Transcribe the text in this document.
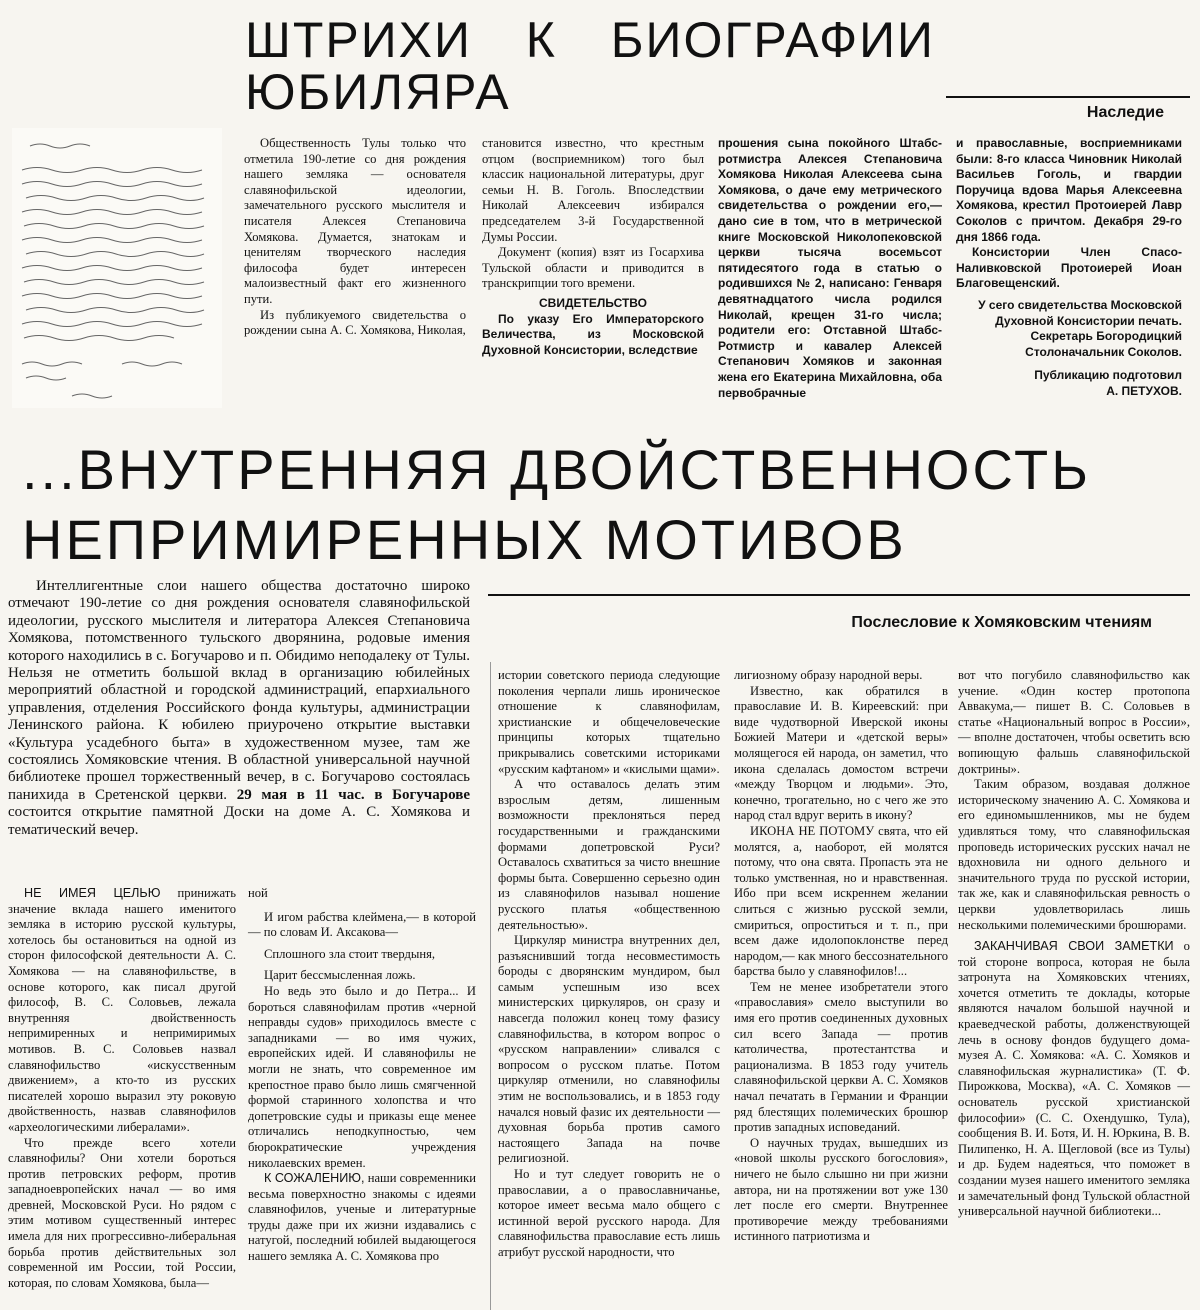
ШТРИХИ К БИОГРАФИИ
ЮБИЛЯРА	Наследие

Общественность Тулы только что отметила 190-летие со дня рождения нашего земляка — основателя славянофильской идеологии, замечательного русского мыслителя и писателя Алексея Степановича Хомякова. Думается, знатокам и ценителям творческого наследия философа будет интересен малоизвестный факт его жизненного пути.

Из публикуемого свидетельства о рождении сына А. С. Хомякова, Николая,

становится известно, что крестным отцом (восприемником) того был классик национальной литературы, друг семьи Н. В. Гоголь. Впоследствии Николай Алексеевич избирался председателем 3-й Государственной Думы России.

Документ (копия) взят из Госархива Тульской области и приводится в транскрипции того времени.

СВИДЕТЕЛЬСТВО

По указу Его Императорского Величества, из Московской Духовной Консистории, вследствие

прошения сына покойного Штабс-ротмистра Алексея Степановича Хомякова Николая Алексеева сына Хомякова, о даче ему метрического свидетельства о рождении его,— дано сие в том, что в метрической книге Московской Николопековской церкви тысяча восемьсот пятидесятого года в статью о родившихся № 2, написано: Генваря девятнадцатого числа родился Николай, крещен 31-го числа; родители его: Отставной Штабс-Ротмистр и кавалер Алексей Степанович Хомяков и законная жена его Екатерина Михайловна, оба первобрачные

и православные, восприемниками были: 8-го класса Чиновник Николай Васильев Гоголь, и гвардии Поручица вдова Марья Алексеевна Хомякова, крестил Протоиерей Лавр Соколов с причтом. Декабря 29-го дня 1866 года.

Консистории Член Спасо-Наливковской Протоиерей Иоан Благовещенский.

У сего свидетельства Московской Духовной Консистории печать.
Секретарь Богородицкий Столоначальник Соколов.
Публикацию подготовил
А. ПЕТУХОВ.
...ВНУТРЕННЯЯ ДВОЙСТВЕННОСТЬ
НЕПРИМИРЕННЫХ МОТИВОВ
Послесловие к Хомяковским чтениям

Интеллигентные слои нашего общества достаточно широко отмечают 190-летие со дня рождения основателя славянофильской идеологии, русского мыслителя и литератора Алексея Степановича Хомякова, потомственного тульского дворянина, родовые имения которого находились в с. Богучарово и п. Обидимо неподалеку от Тулы. Нельзя не отметить большой вклад в организацию юбилейных мероприятий областной и городской администраций, епархиального управления, отделения Российского фонда культуры, администрации Ленинского района. К юбилею приурочено открытие выставки «Культура усадебного быта» в художественном музее, там же состоялись Хомяковские чтения. В областной универсальной научной библиотеке прошел торжественный вечер, в с. Богучарово состоялась панихида в Сретенской церкви. 29 мая в 11 час. в Богучарове состоится открытие памятной Доски на доме А. С. Хомякова и тематический вечер.

НЕ ИМЕЯ ЦЕЛЬЮ принижать значение вклада нашего именитого земляка в историю русской культуры, хотелось бы остановиться на одной из сторон философской деятельности А. С. Хомякова — на славянофильстве, в основе которого, как писал другой философ, В. С. Соловьев, лежала внутренняя двойственность непримиренных и непримиримых мотивов. В. С. Соловьев назвал славянофильство «искусственным движением», а кто-то из русских писателей хорошо выразил эту роковую двойственность, назвав славянофилов «археологическими либералами».

Что прежде всего хотели славянофилы? Они хотели бороться против петровских реформ, против западноевропейских начал — во имя древней, Московской Руси. Но рядом с этим мотивом существенный интерес имела для них прогрессивно-либеральная борьба против действительных зол современной им России, той России, которая, по словам Хомякова, была—

ной

И игом рабства клеймена,— в которой — по словам И. Аксакова—

Сплошного зла стоит твердыня,

Царит бессмысленная ложь.

Но ведь это было и до Петра... И бороться славянофилам против «черной неправды судов» приходилось вместе с западниками — во имя чужих, европейских идей. И славянофилы не могли не знать, что современное им крепостное право было лишь смягченной формой старинного холопства и что допетровские суды и приказы еще менее отличались неподкупностью, чем бюрократические учреждения николаевских времен.

К СОЖАЛЕНИЮ, наши современники весьма поверхностно знакомы с идеями славянофилов, ученые и литературные труды даже при их жизни издавались с натугой, последний юбилей выдающегося нашего земляка А. С. Хомякова про

истории советского периода следующие поколения черпали лишь ироническое отношение к славянофилам, христианские и общечеловеческие принципы которых тщательно прикрывались советскими историками «русским кафтаном» и «кислыми щами».

А что оставалось делать этим взрослым детям, лишенным возможности преклоняться перед государственными и гражданскими формами допетровской Руси? Оставалось схватиться за чисто внешние формы быта. Совершенно серьезно один из славянофилов называл ношение русского платья «общественною деятельностью».

Циркуляр министра внутренних дел, разъяснивший тогда несовместимость бороды с дворянским мундиром, был самым успешным изо всех министерских циркуляров, он сразу и навсегда положил конец тому фазису славянофильства, в котором вопрос о «русском направлении» сливался с вопросом о русском платье. Потом циркуляр отменили, но славянофилы этим не воспользовались, и в 1853 году начался новый фазис их деятельности — духовная борьба против самого настоящего Запада на почве религиозной.

Но и тут следует говорить не о православии, а о православничанье, которое имеет весьма мало общего с истинной верой русского народа. Для славянофильства православие есть лишь атрибут русской народности, что

лигиозному образу народной веры.

Известно, как обратился в православие И. В. Киреевский: при виде чудотворной Иверской иконы Божией Матери и «детской веры» молящегося ей народа, он заметил, что икона сделалась домостом встречи «между Творцом и людьми». Это, конечно, трогательно, но с чего же это народ стал вдруг верить в икону?

ИКОНА НЕ ПОТОМУ свята, что ей молятся, а, наоборот, ей молятся потому, что она свята. Пропасть эта не только умственная, но и нравственная. Ибо при всем искреннем желании слиться с жизнью русской земли, смириться, опроститься и т. п., при всем даже идолопоклонстве перед народом,— как много бессознательного барства было у славянофилов!...

Тем не менее изобретатели этого «православия» смело выступили во имя его против соединенных духовных сил всего Запада — против католичества, протестантства и рационализма. В 1853 году учитель славянофильской церкви А. С. Хомяков начал печатать в Германии и Франции ряд блестящих полемических брошюр против западных исповеданий.

О научных трудах, вышедших из «новой школы русского богословия», ничего не было слышно ни при жизни автора, ни на протяжении вот уже 130 лет после его смерти. Внутреннее противоречие между требованиями истинного патриотизма и

вот что погубило славянофильство как учение. «Один костер протопопа Аввакума,— пишет В. С. Соловьев в статье «Национальный вопрос в России»,— вполне достаточен, чтобы осветить всю вопиющую фальшь славянофильской доктрины».

Таким образом, воздавая должное историческому значению А. С. Хомякова и его единомышленников, мы не будем удивляться тому, что славянофильская проповедь исторических русских начал не вдохновила ни одного дельного и значительного труда по русской истории, так же, как и славянофильская ревность о церкви удовлетворилась лишь несколькими полемическими брошюрами.

ЗАКАНЧИВАЯ СВОИ ЗАМЕТКИ о той стороне вопроса, которая не была затронута на Хомяковских чтениях, хочется отметить те доклады, которые являются началом большой научной и краеведческой работы, долженствующей лечь в основу фондов будущего дома-музея А. С. Хомякова: «А. С. Хомяков и славянофильская журналистика» (Т. Ф. Пирожкова, Москва), «А. С. Хомяков — основатель русской христианской философии» (С. С. Охендушко, Тула), сообщения В. И. Ботя, И. Н. Юркина, В. В. Пилипенко, Н. А. Щегловой (все из Тулы) и др. Будем надеяться, что поможет в создании музея нашего именитого земляка и замечательный фонд Тульской областной универсальной научной библиотеки...
